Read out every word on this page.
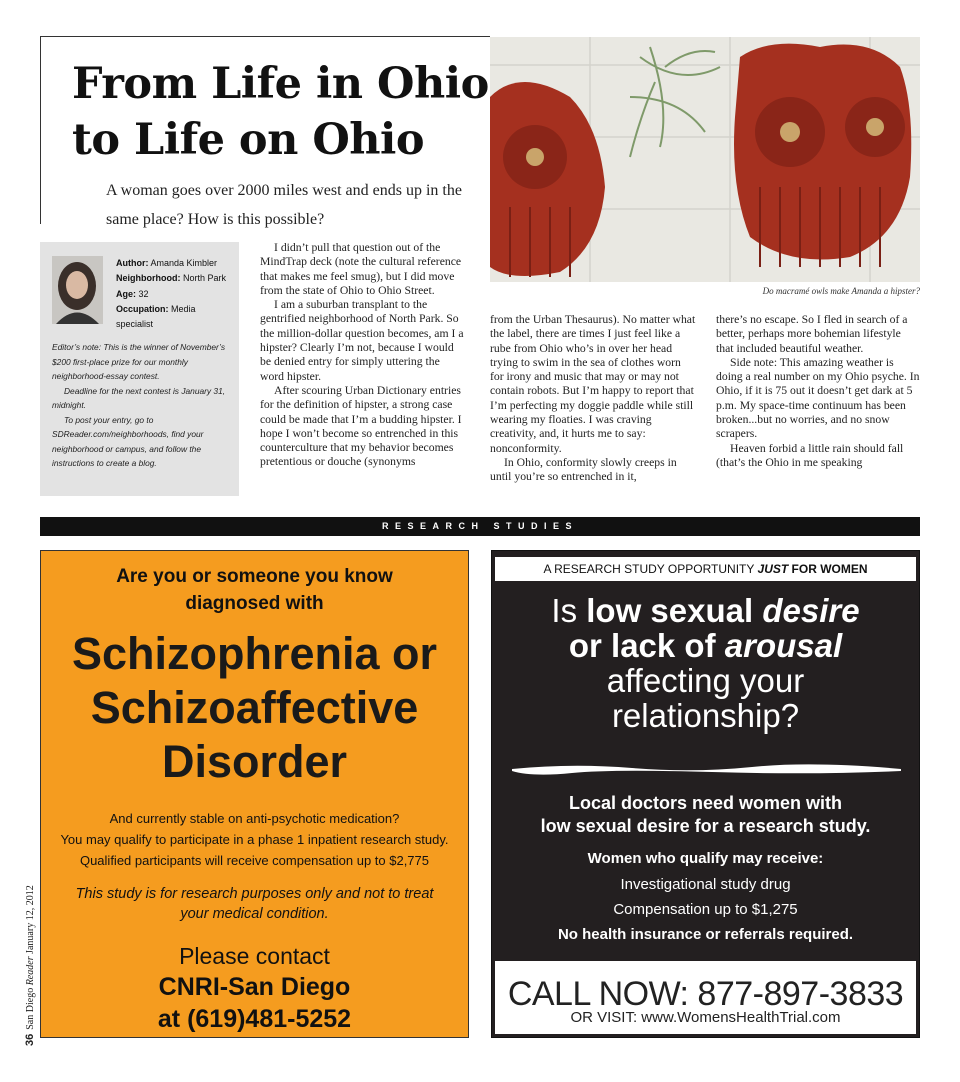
From Life in Ohio
to Life on Ohio
A woman goes over 2000 miles west and ends up in the same place? How is this possible?
Do macramé owls make Amanda a hipster?
Author: Amanda Kimbler
Neighborhood: North Park
Age: 32
Occupation: Media specialist

Editor’s note: This is the winner of November’s $200 first-place prize for our monthly neighborhood-essay contest.

Deadline for the next contest is January 31, midnight.

To post your entry, go to SDReader.com/neighborhoods, find your neighborhood or campus, and follow the instructions to create a blog.

I didn’t pull that question out of the MindTrap deck (note the cultural reference that makes me feel smug), but I did move from the state of Ohio to Ohio Street.

I am a suburban transplant to the gentrified neighborhood of North Park. So the million-dollar question becomes, am I a hipster? Clearly I’m not, because I would be denied entry for simply uttering the word hipster.

After scouring Urban Dictionary entries for the definition of hipster, a strong case could be made that I’m a budding hipster. I hope I won’t become so entrenched in this counterculture that my behavior becomes pretentious or douche (synonyms

from the Urban Thesaurus). No matter what the label, there are times I just feel like a rube from Ohio who’s in over her head trying to swim in the sea of clothes worn for irony and music that may or may not contain robots. But I’m happy to report that I’m perfecting my doggie paddle while still wearing my floaties. I was craving creativity, and, it hurts me to say: nonconformity.

In Ohio, conformity slowly creeps in until you’re so entrenched in it,

there’s no escape. So I fled in search of a better, perhaps more bohemian lifestyle that included beautiful weather.

Side note: This amazing weather is doing a real number on my Ohio psyche. In Ohio, if it is 75 out it doesn’t get dark at 5 p.m. My space-time continuum has been broken...but no worries, and no snow scrapers.

Heaven forbid a little rain should fall (that’s the Ohio in me speaking

RESEARCH STUDIES
Are you or someone you know
diagnosed with
Schizophrenia or
Schizoaffective
Disorder
And currently stable on anti-psychotic medication?
You may qualify to participate in a phase 1 inpatient research study.
Qualified participants will receive compensation up to $2,775
This study is for research purposes only and not to treat
your medical condition.
Please contact
CNRI-San Diego
at (619)481-5252
A RESEARCH STUDY OPPORTUNITY JUST FOR WOMEN
Is low sexual desire
or lack of arousal
affecting your
relationship?
Local doctors need women with
low sexual desire for a research study.
Women who qualify may receive:
Investigational study drug
Compensation up to $1,275
No health insurance or referrals required.
CALL NOW: 877-897-3833
OR VISIT: www.WomensHealthTrial.com
36San Diego Reader January 12, 2012
